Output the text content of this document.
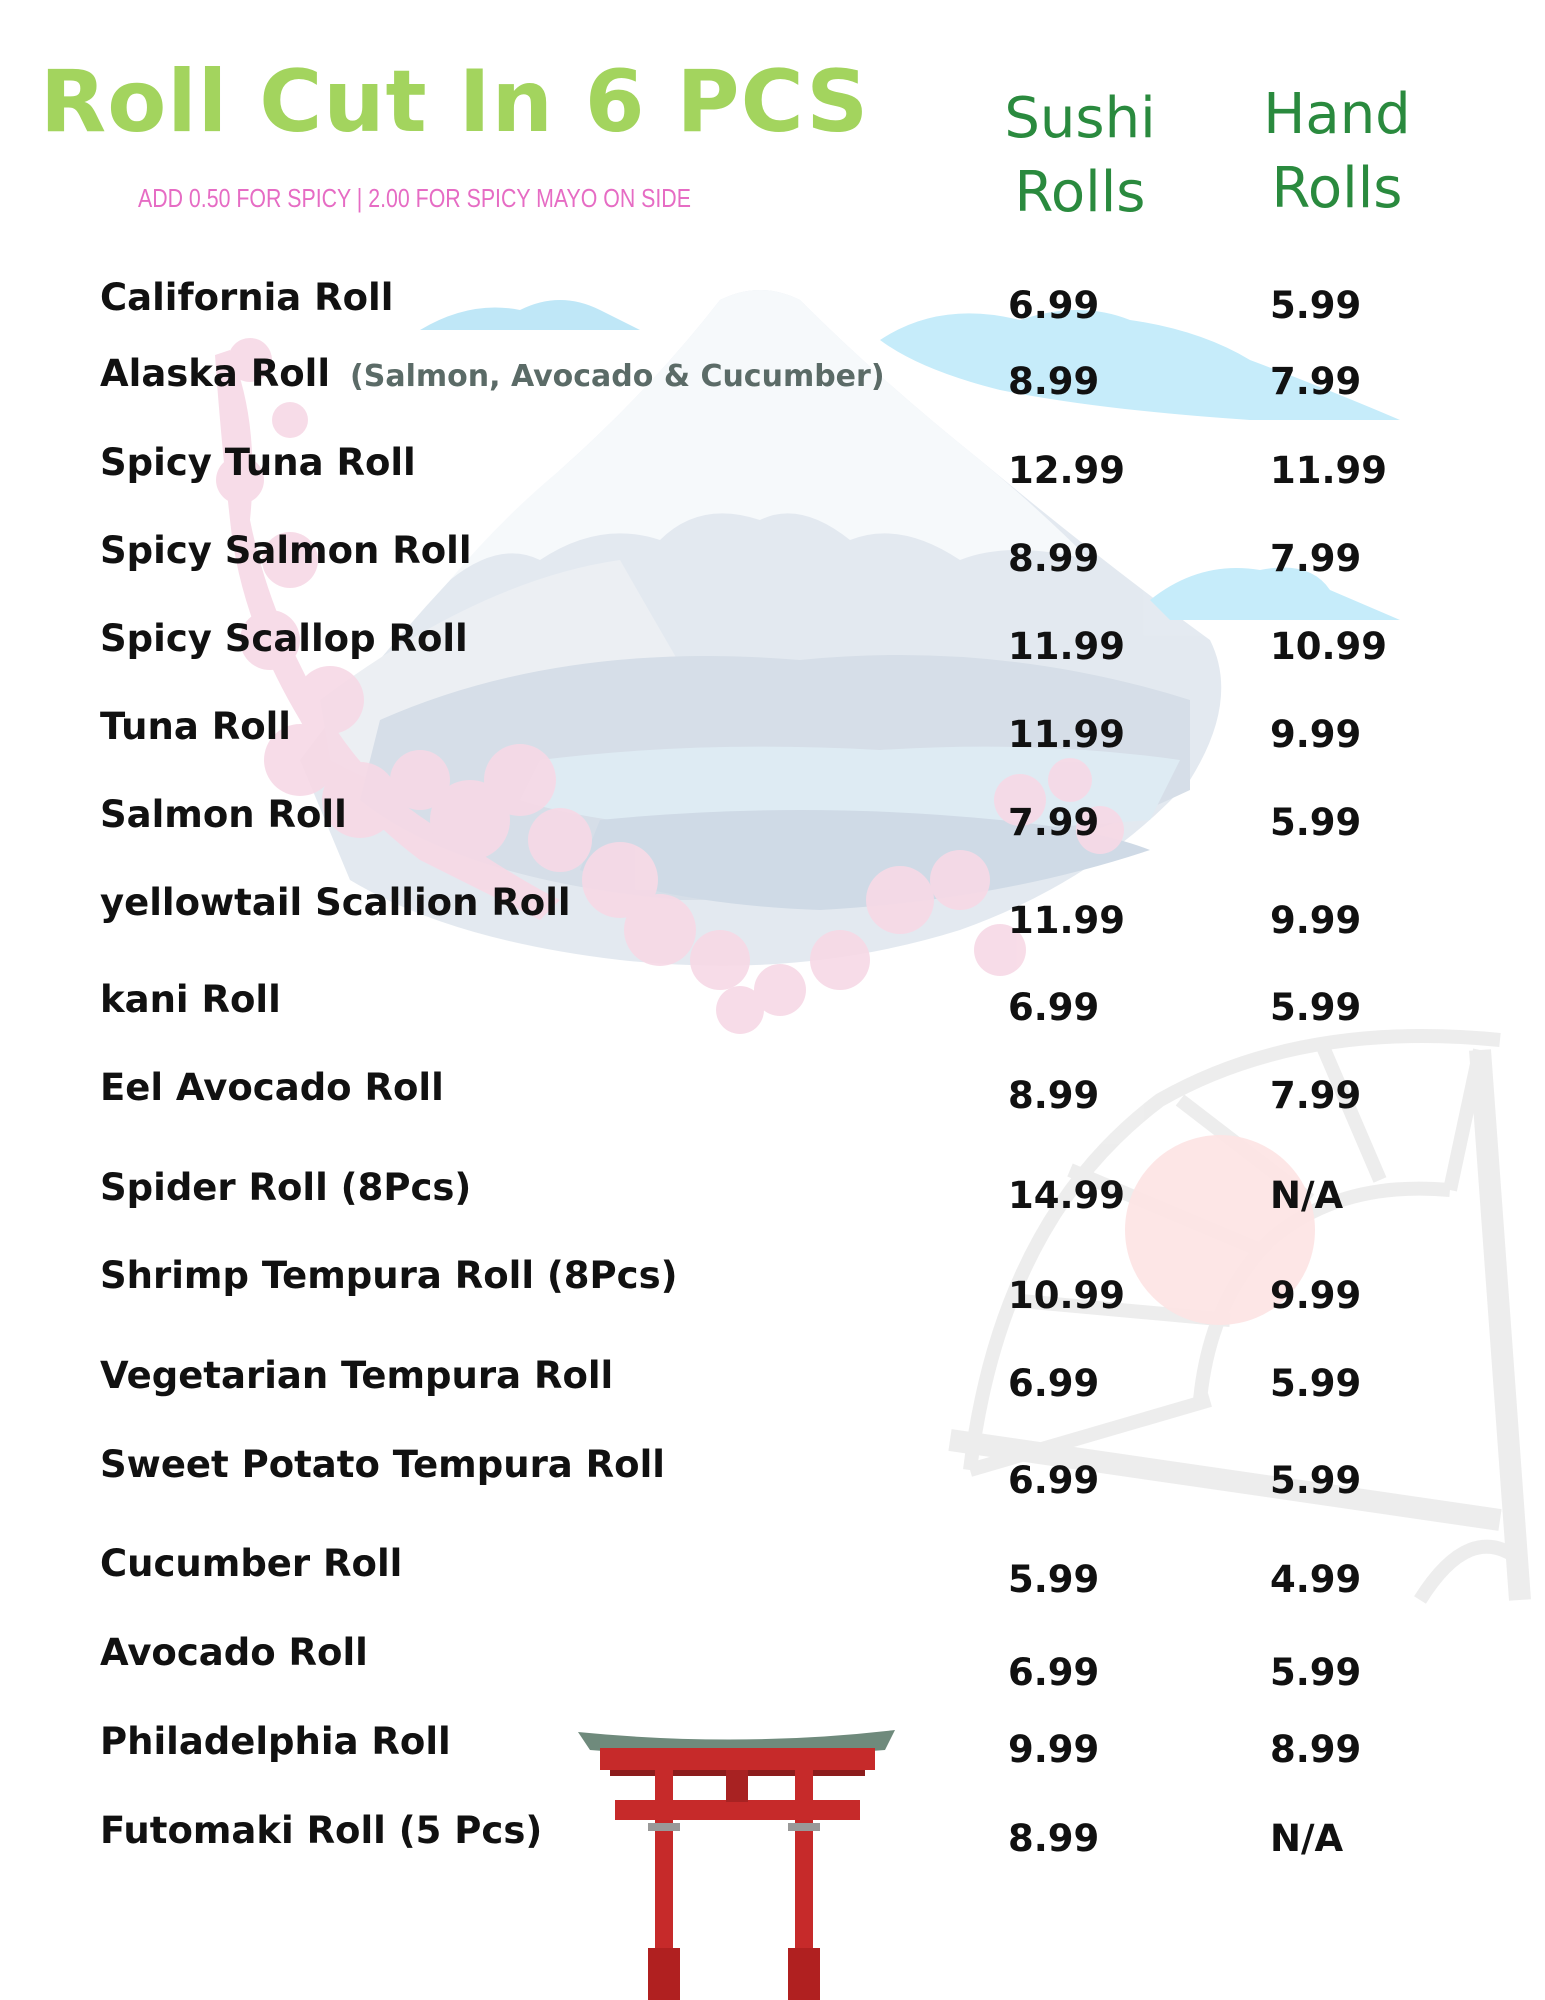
Roll Cut In 6 PCS
ADD 0.50 FOR SPICY | 2.00 FOR SPICY MAYO ON SIDE
Sushi
Rolls
Hand
Rolls
California Roll	6.99	5.99
Alaska Roll (Salmon, Avocado & Cucumber)	8.99	7.99
Spicy Tuna Roll	12.99	11.99
Spicy Salmon Roll	8.99	7.99
Spicy Scallop Roll	11.99	10.99
Tuna Roll	11.99	9.99
Salmon Roll	7.99	5.99
yellowtail Scallion Roll	11.99	9.99
kani Roll	6.99	5.99
Eel Avocado Roll	8.99	7.99
Spider Roll (8Pcs)	14.99	N/A
Shrimp Tempura Roll (8Pcs)	10.99	9.99
Vegetarian Tempura Roll	6.99	5.99
Sweet Potato Tempura Roll	6.99	5.99
Cucumber Roll	5.99	4.99
Avocado Roll	6.99	5.99
Philadelphia Roll	9.99	8.99
Futomaki Roll (5 Pcs)	8.99	N/A
